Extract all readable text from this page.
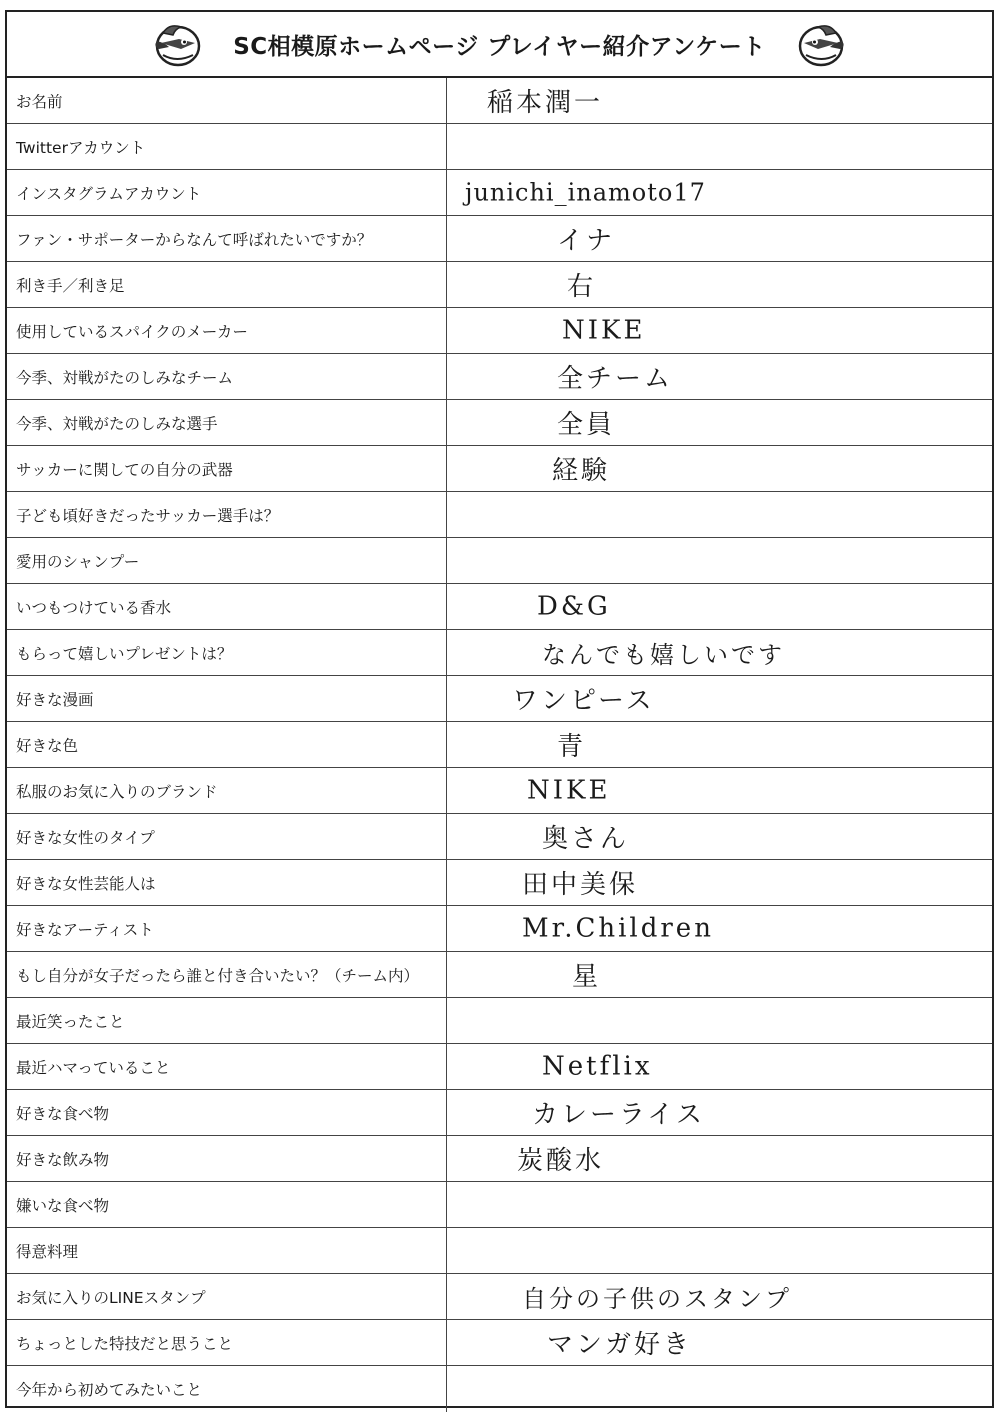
SC相模原ホームページ プレイヤー紹介アンケート
お名前	稲本潤一
Twitterアカウント
インスタグラムアカウント	junichi_inamoto17
ファン・サポーターからなんて呼ばれたいですか？	イナ
利き手／利き足	右
使用しているスパイクのメーカー	NIKE
今季、対戦がたのしみなチーム	全チーム
今季、対戦がたのしみな選手	全員
サッカーに関しての自分の武器	経験
子ども頃好きだったサッカー選手は？
愛用のシャンプー
いつもつけている香水	D&G
もらって嬉しいプレゼントは？	なんでも嬉しいです
好きな漫画	ワンピース
好きな色	青
私服のお気に入りのブランド	NIKE
好きな女性のタイプ	奥さん
好きな女性芸能人は	田中美保
好きなアーティスト	Mr.Children
もし自分が女子だったら誰と付き合いたい？（チーム内）	星
最近笑ったこと
最近ハマっていること	Netflix
好きな食べ物	カレーライス
好きな飲み物	炭酸水
嫌いな食べ物
得意料理
お気に入りのLINEスタンプ	自分の子供のスタンプ
ちょっとした特技だと思うこと	マンガ好き
今年から初めてみたいこと
